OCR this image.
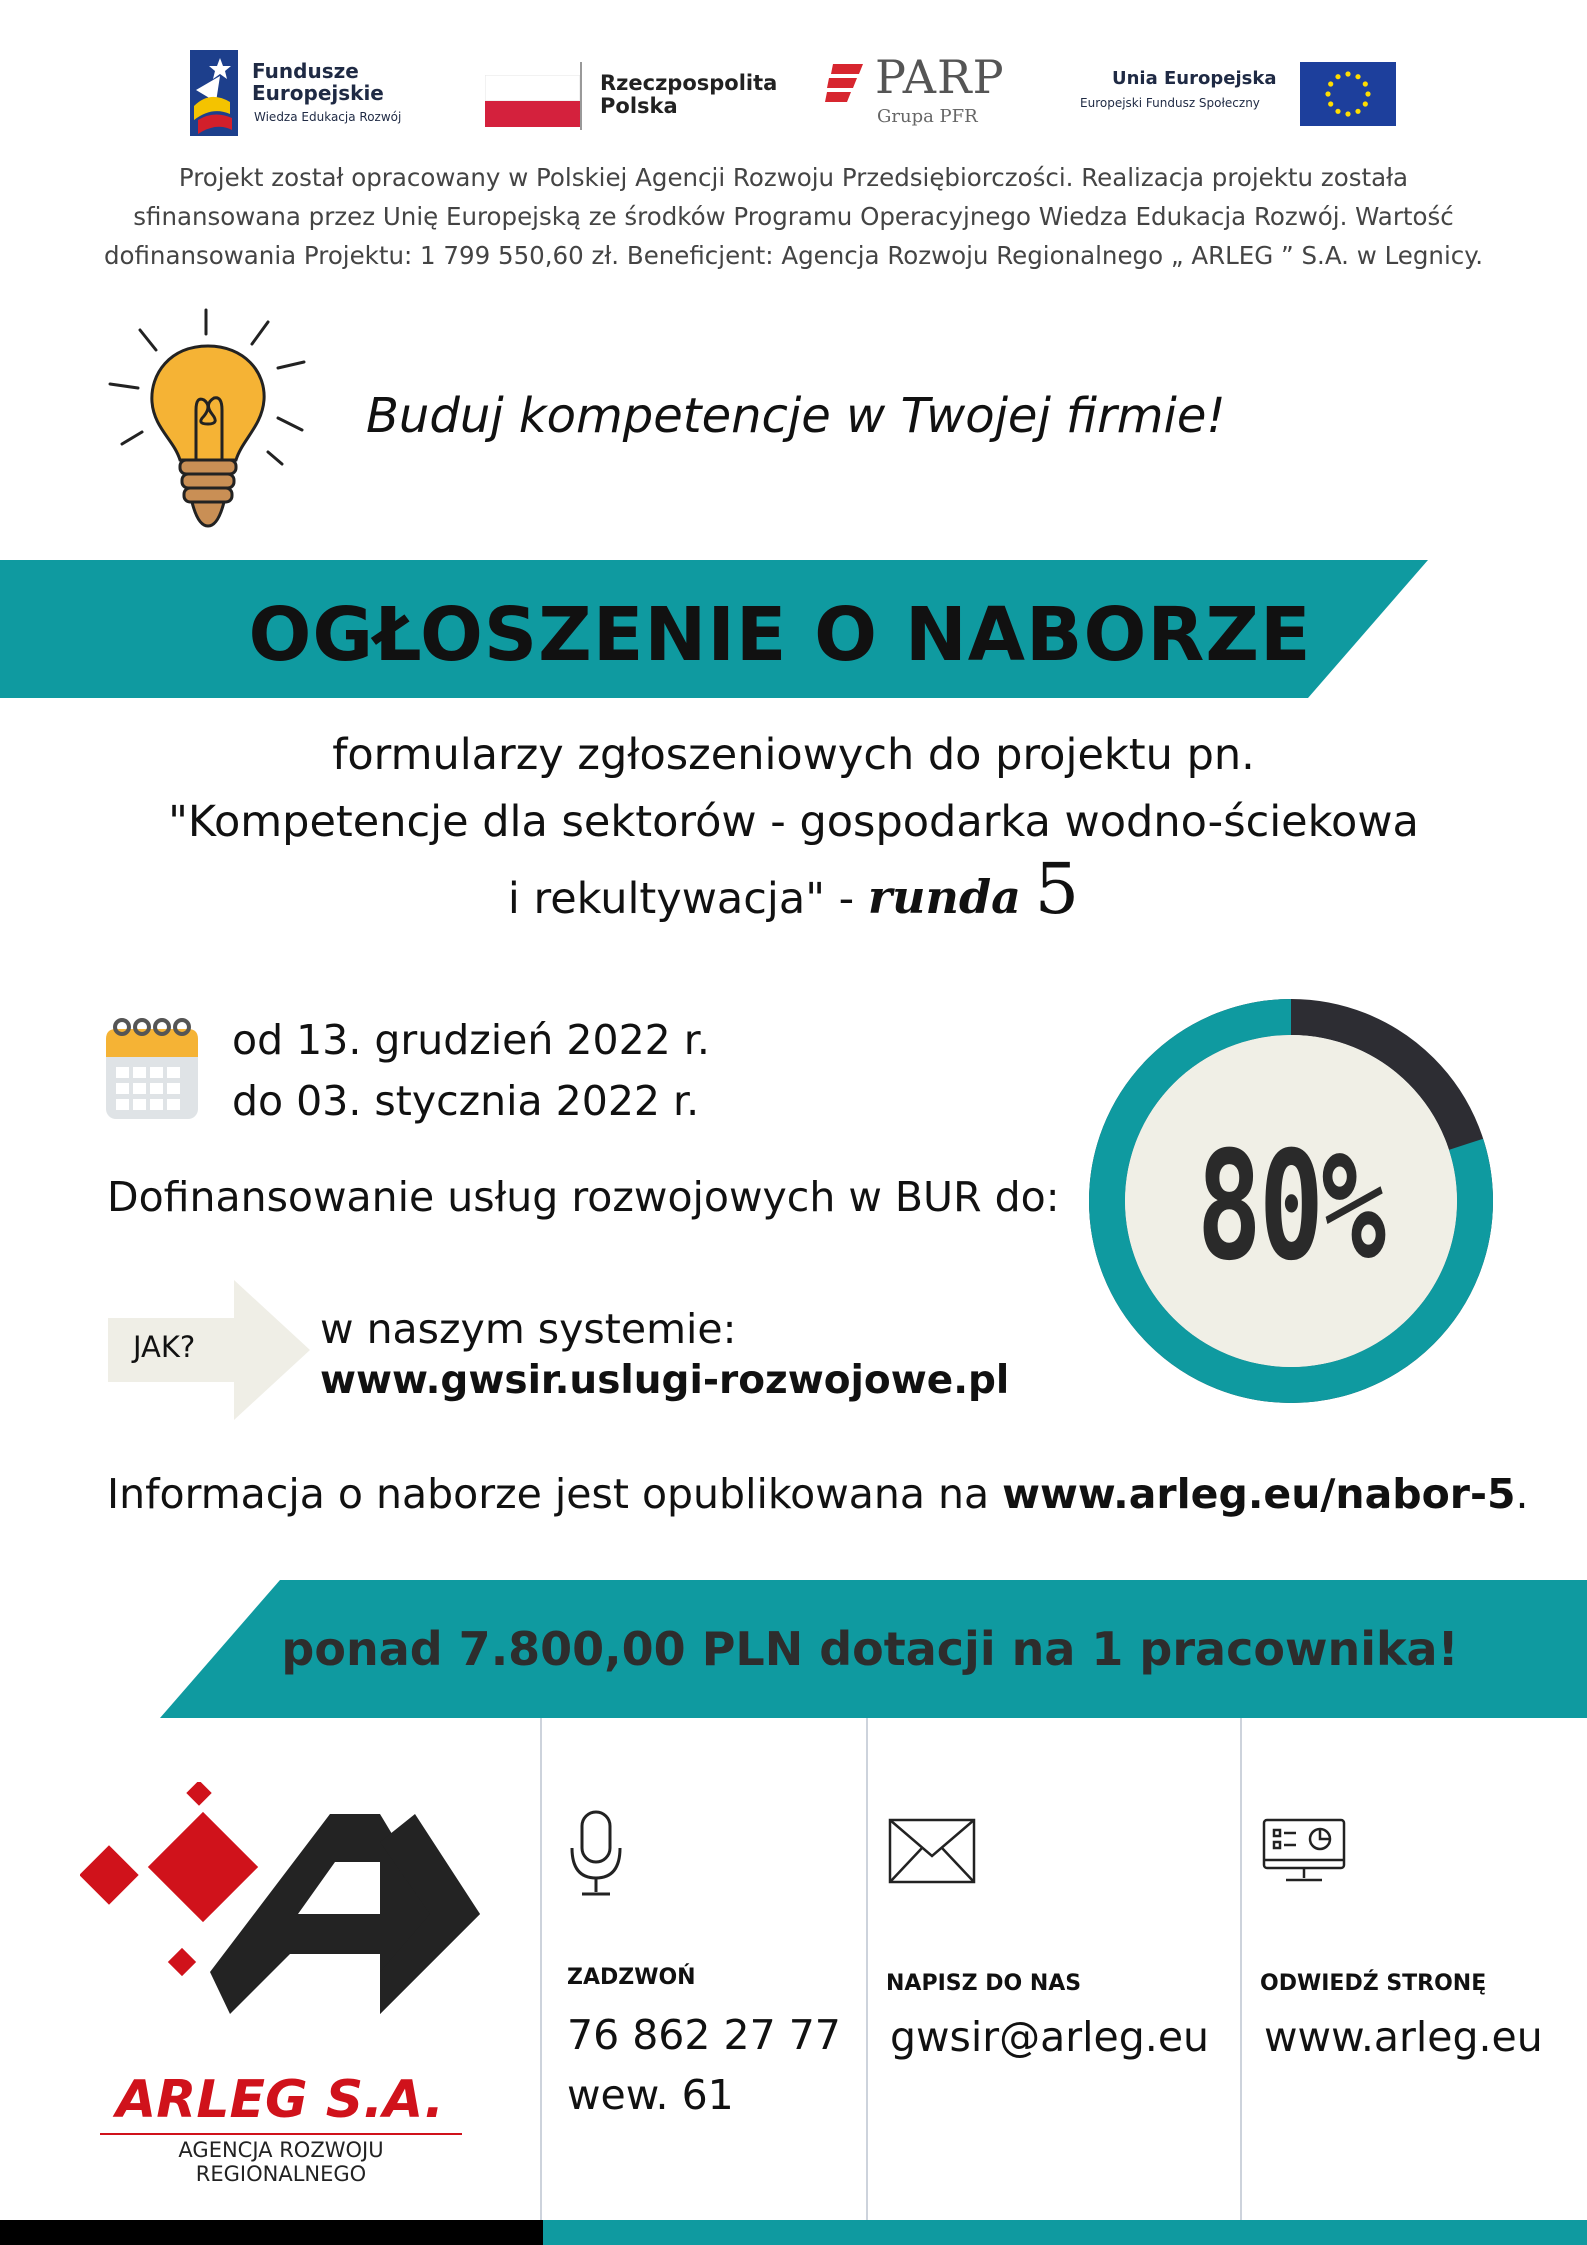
Fundusze
Europejskie
Wiedza Edukacja Rozwój
Rzeczpospolita
Polska
PARP
Grupa PFR
Unia Europejska
Europejski Fundusz Społeczny
Projekt został opracowany w Polskiej Agencji Rozwoju Przedsiębiorczości. Realizacja projektu została
sfinansowana przez Unię Europejską ze środków Programu Operacyjnego Wiedza Edukacja Rozwój. Wartość
dofinansowania Projektu: 1 799 550,60 zł. Beneficjent: Agencja Rozwoju Regionalnego „ ARLEG ” S.A. w Legnicy.
Buduj kompetencje w Twojej firmie!
OGŁOSZENIE O NABORZE
formularzy zgłoszeniowych do projektu pn.
"Kompetencje dla sektorów - gospodarka wodno-ściekowa
i rekultywacja" - runda 5
od 13. grudzień 2022 r.
do 03. stycznia 2022 r.
Dofinansowanie usług rozwojowych w BUR do: 80%
JAK?	w naszym systemie:
www.gwsir.uslugi-rozwojowe.pl
Informacja o naborze jest opublikowana na www.arleg.eu/nabor-5.
ponad 7.800,00 PLN dotacji na 1 pracownika!
ARLEG S.A.
AGENCJA ROZWOJU REGIONALNEGO
ZADZWOŃ
76 862 27 77
wew. 61
NAPISZ DO NAS
gwsir@arleg.eu
ODWIEDŹ STRONĘ
www.arleg.eu
